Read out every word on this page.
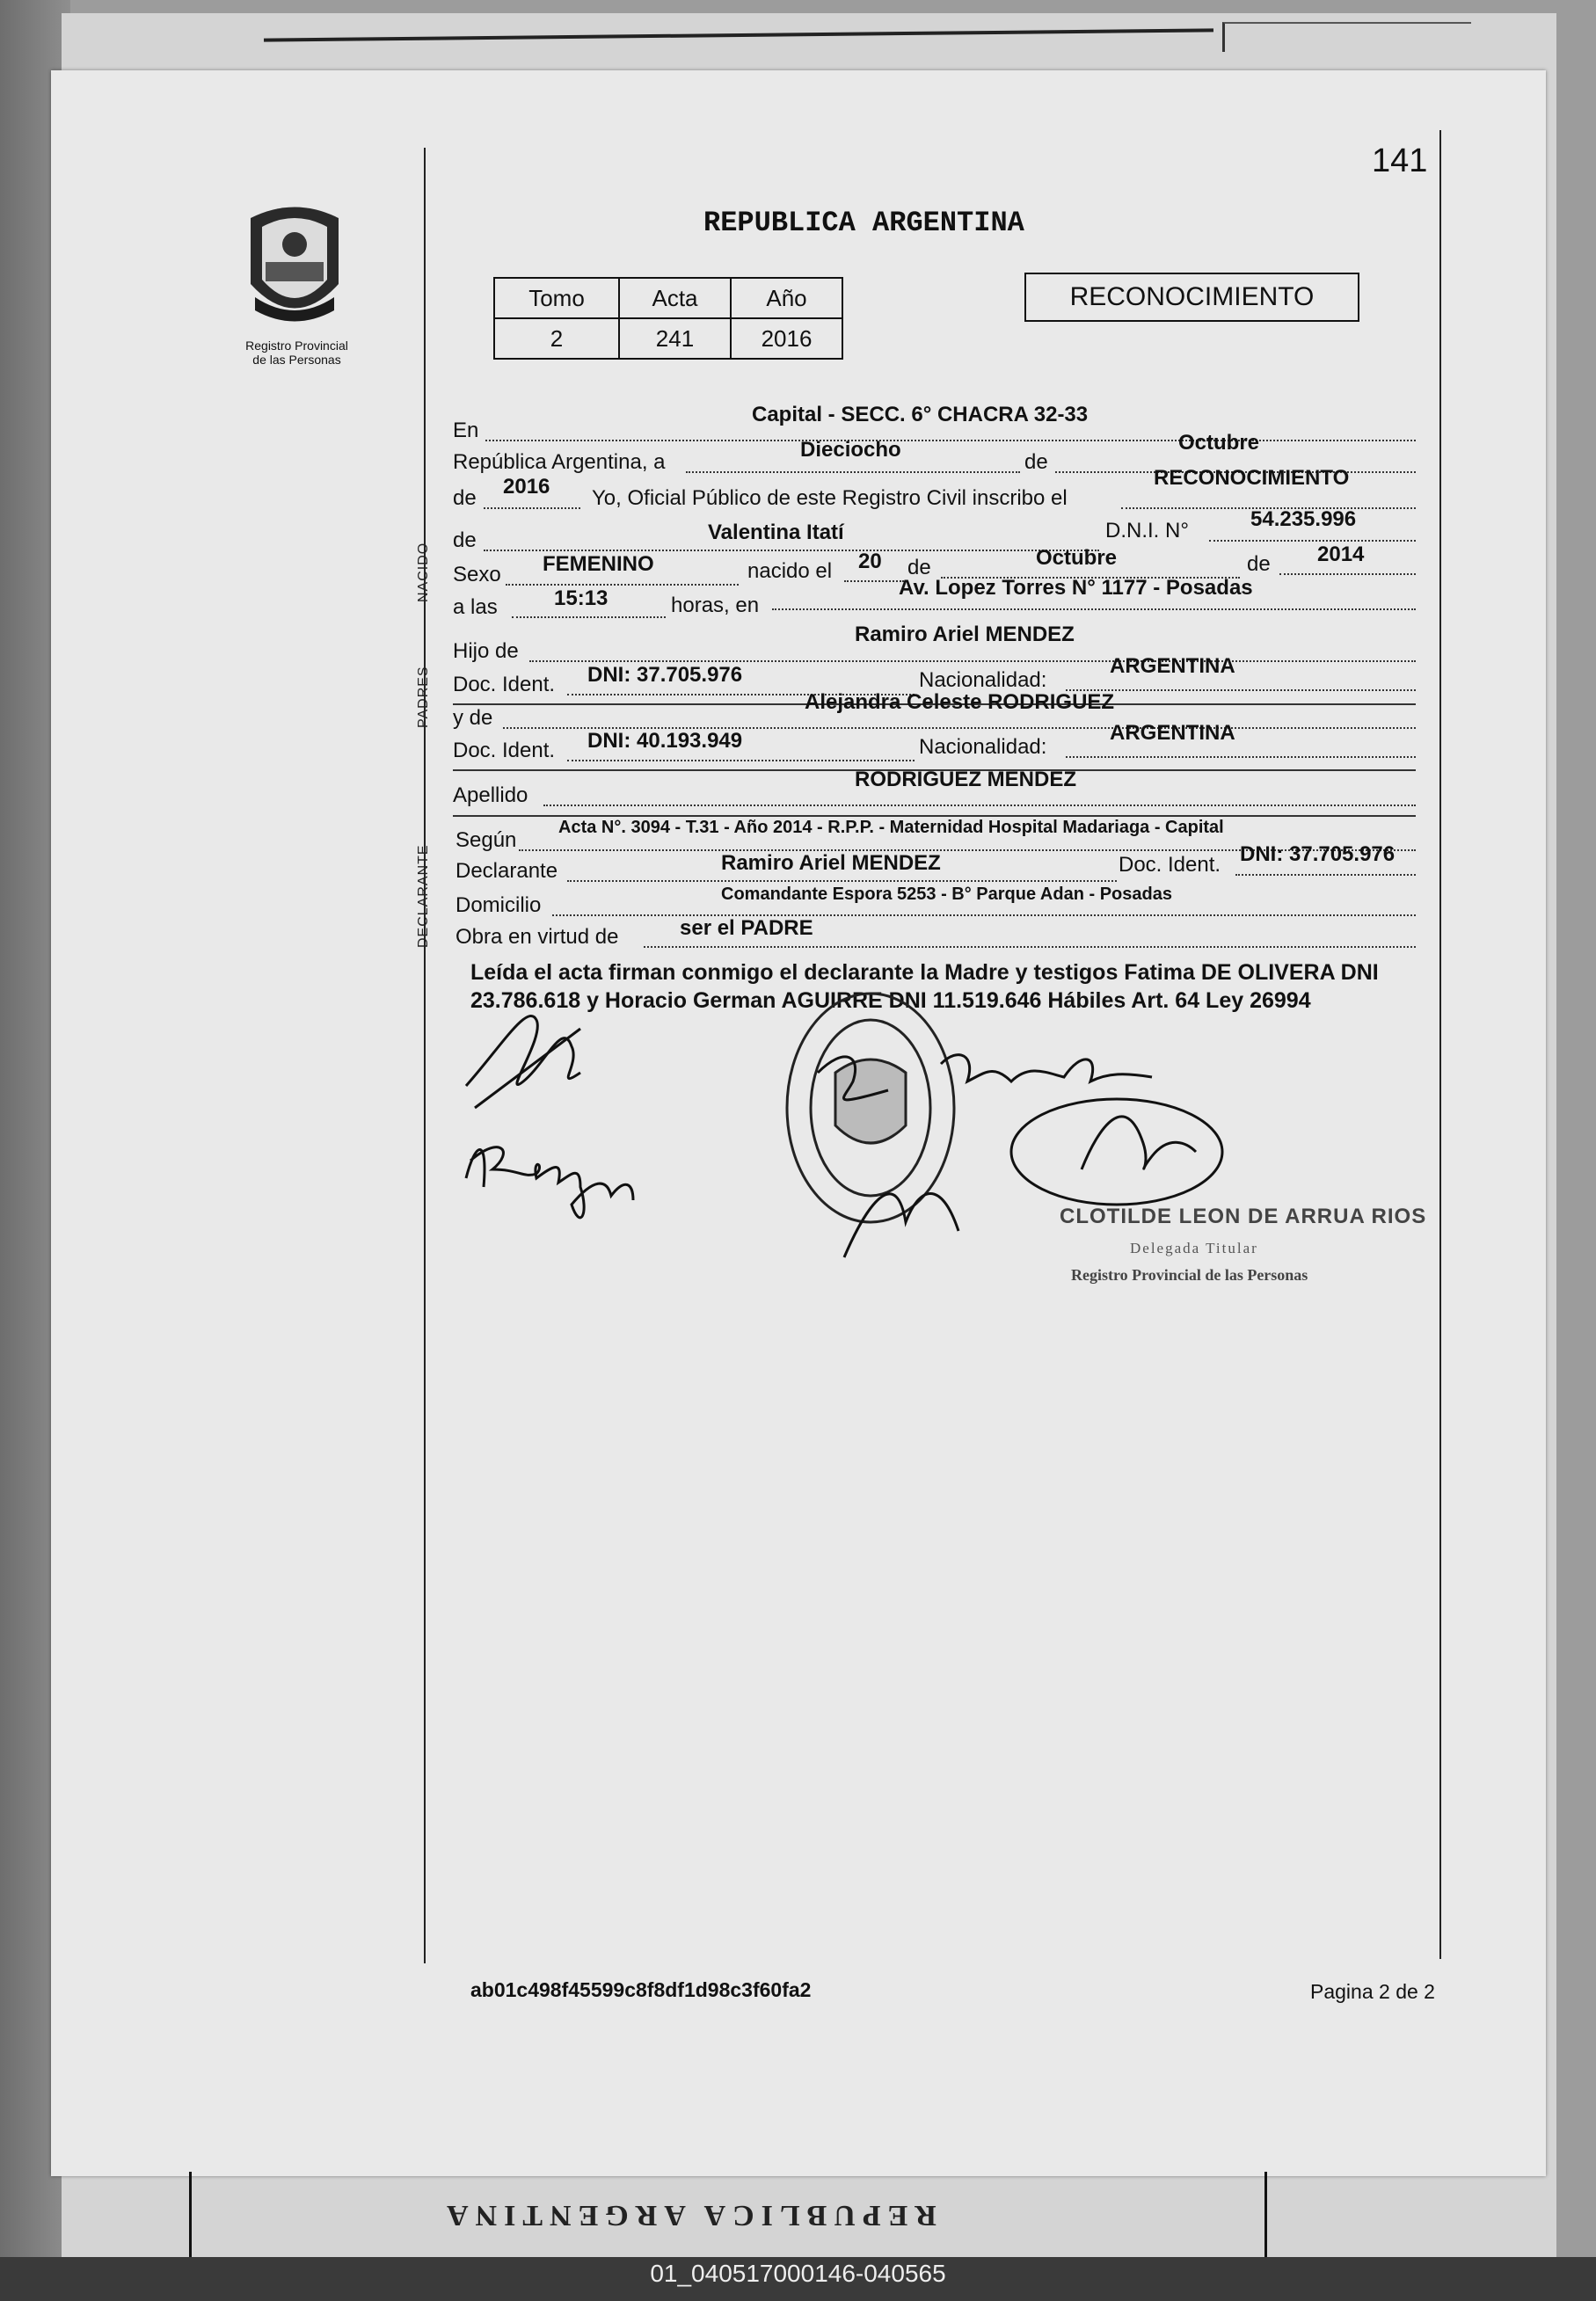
141
Registro Provincial
de las Personas
REPUBLICA ARGENTINA
Tomo	Acta	Año
2	241	2016
RECONOCIMIENTO
NACIDO
PADRES
DECLARANTE
En
Capital - SECC. 6° CHACRA 32-33
República Argentina, a
Dieciocho
de
Octubre
de 2016 Yo, Oficial Público de este Registro Civil inscribo el
RECONOCIMIENTO
de	Valentina Itatí	D.N.I. N°	54.235.996
Sexo FEMENINO	nacido el 20 de	Octubre	de 2014
a las	15:13	horas, en
Av. Lopez Torres N° 1177 - Posadas
Hijo de
Ramiro Ariel MENDEZ
Doc. Ident. DNI: 37.705.976	Nacionalidad:
ARGENTINA
y de
Alejandra Celeste RODRIGUEZ
Doc. Ident. DNI: 40.193.949	Nacionalidad:
ARGENTINA
Apellido
RODRIGUEZ MENDEZ
Según
Acta N°. 3094 - T.31 - Año 2014 - R.P.P. - Maternidad Hospital Madariaga - Capital
Declarante	Ramiro Ariel MENDEZ	Doc. Ident. DNI: 37.705.976
Domicilio	Comandante Espora 5253 - B° Parque Adan - Posadas
Obra en virtud de	ser el PADRE
Leída el acta firman conmigo el declarante la Madre y testigos Fatima DE OLIVERA DNI 23.786.618 y Horacio German AGUIRRE DNI 11.519.646 Hábiles Art. 64 Ley 26994
CLOTILDE LEON DE ARRUA RIOS
Delegada Titular
Registro Provincial de las Personas
ab01c498f45599c8f8df1d98c3f60fa2	Pagina 2 de 2
REPUBLICA ARGENTINA
01_040517000146-040565
